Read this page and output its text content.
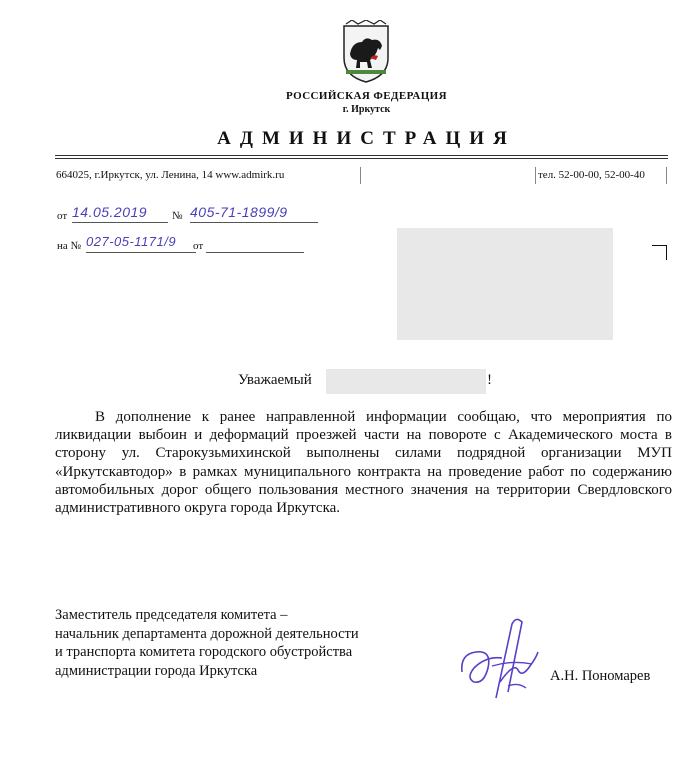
РОССИЙСКАЯ ФЕДЕРАЦИЯ
г. Иркутск
АДМИНИСТРАЦИЯ
664025, г.Иркутск, ул. Ленина, 14 www.admirk.ru	тел. 52-00-00, 52-00-40
от 14.05.2019	№ 405-71-1899/9
на № 027-05-1171/9	от
Уважаемый	!

В дополнение к ранее направленной информации сообщаю, что мероприятия по ликвидации выбоин и деформаций проезжей части на повороте с Академического моста в сторону ул. Старокузьмихинской выполнены силами подрядной организации МУП «Иркутскавтодор» в рамках муниципального контракта на проведение работ по содержанию автомобильных дорог общего пользования местного значения на территории Свердловского административного округа города Иркутска.

Заместитель председателя комитета –
начальник департамента дорожной деятельности
и транспорта комитета городского обустройства
администрации города Иркутска	А.Н. Пономарев
